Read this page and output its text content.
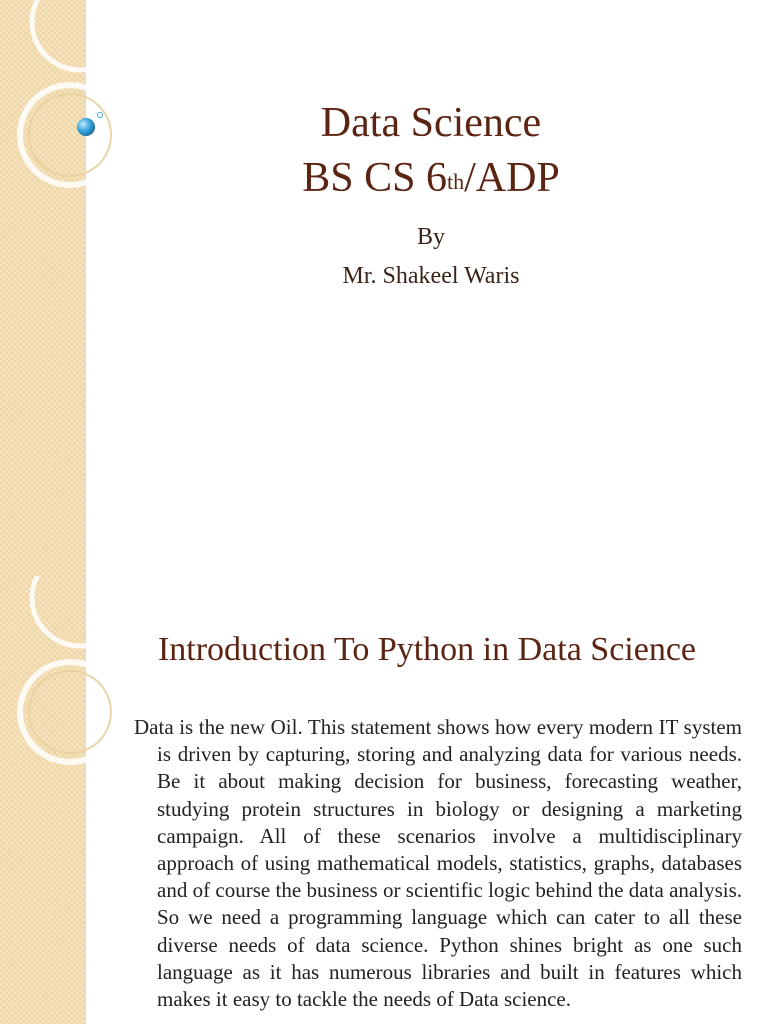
Data Science
BS CS 6th/ADP
By
Mr. Shakeel Waris
Introduction To Python in Data Science

Data is the new Oil. This statement shows how every modern IT system is driven by capturing, storing and analyzing data for various needs. Be it about making decision for business, forecasting weather, studying protein structures in biology or designing a marketing campaign. All of these scenarios involve a multidisciplinary approach of using mathematical models, statistics, graphs, databases and of course the business or scientific logic behind the data analysis. So we need a programming language which can cater to all these diverse needs of data science. Python shines bright as one such language as it has numerous libraries and built in features which makes it easy to tackle the needs of Data science.
